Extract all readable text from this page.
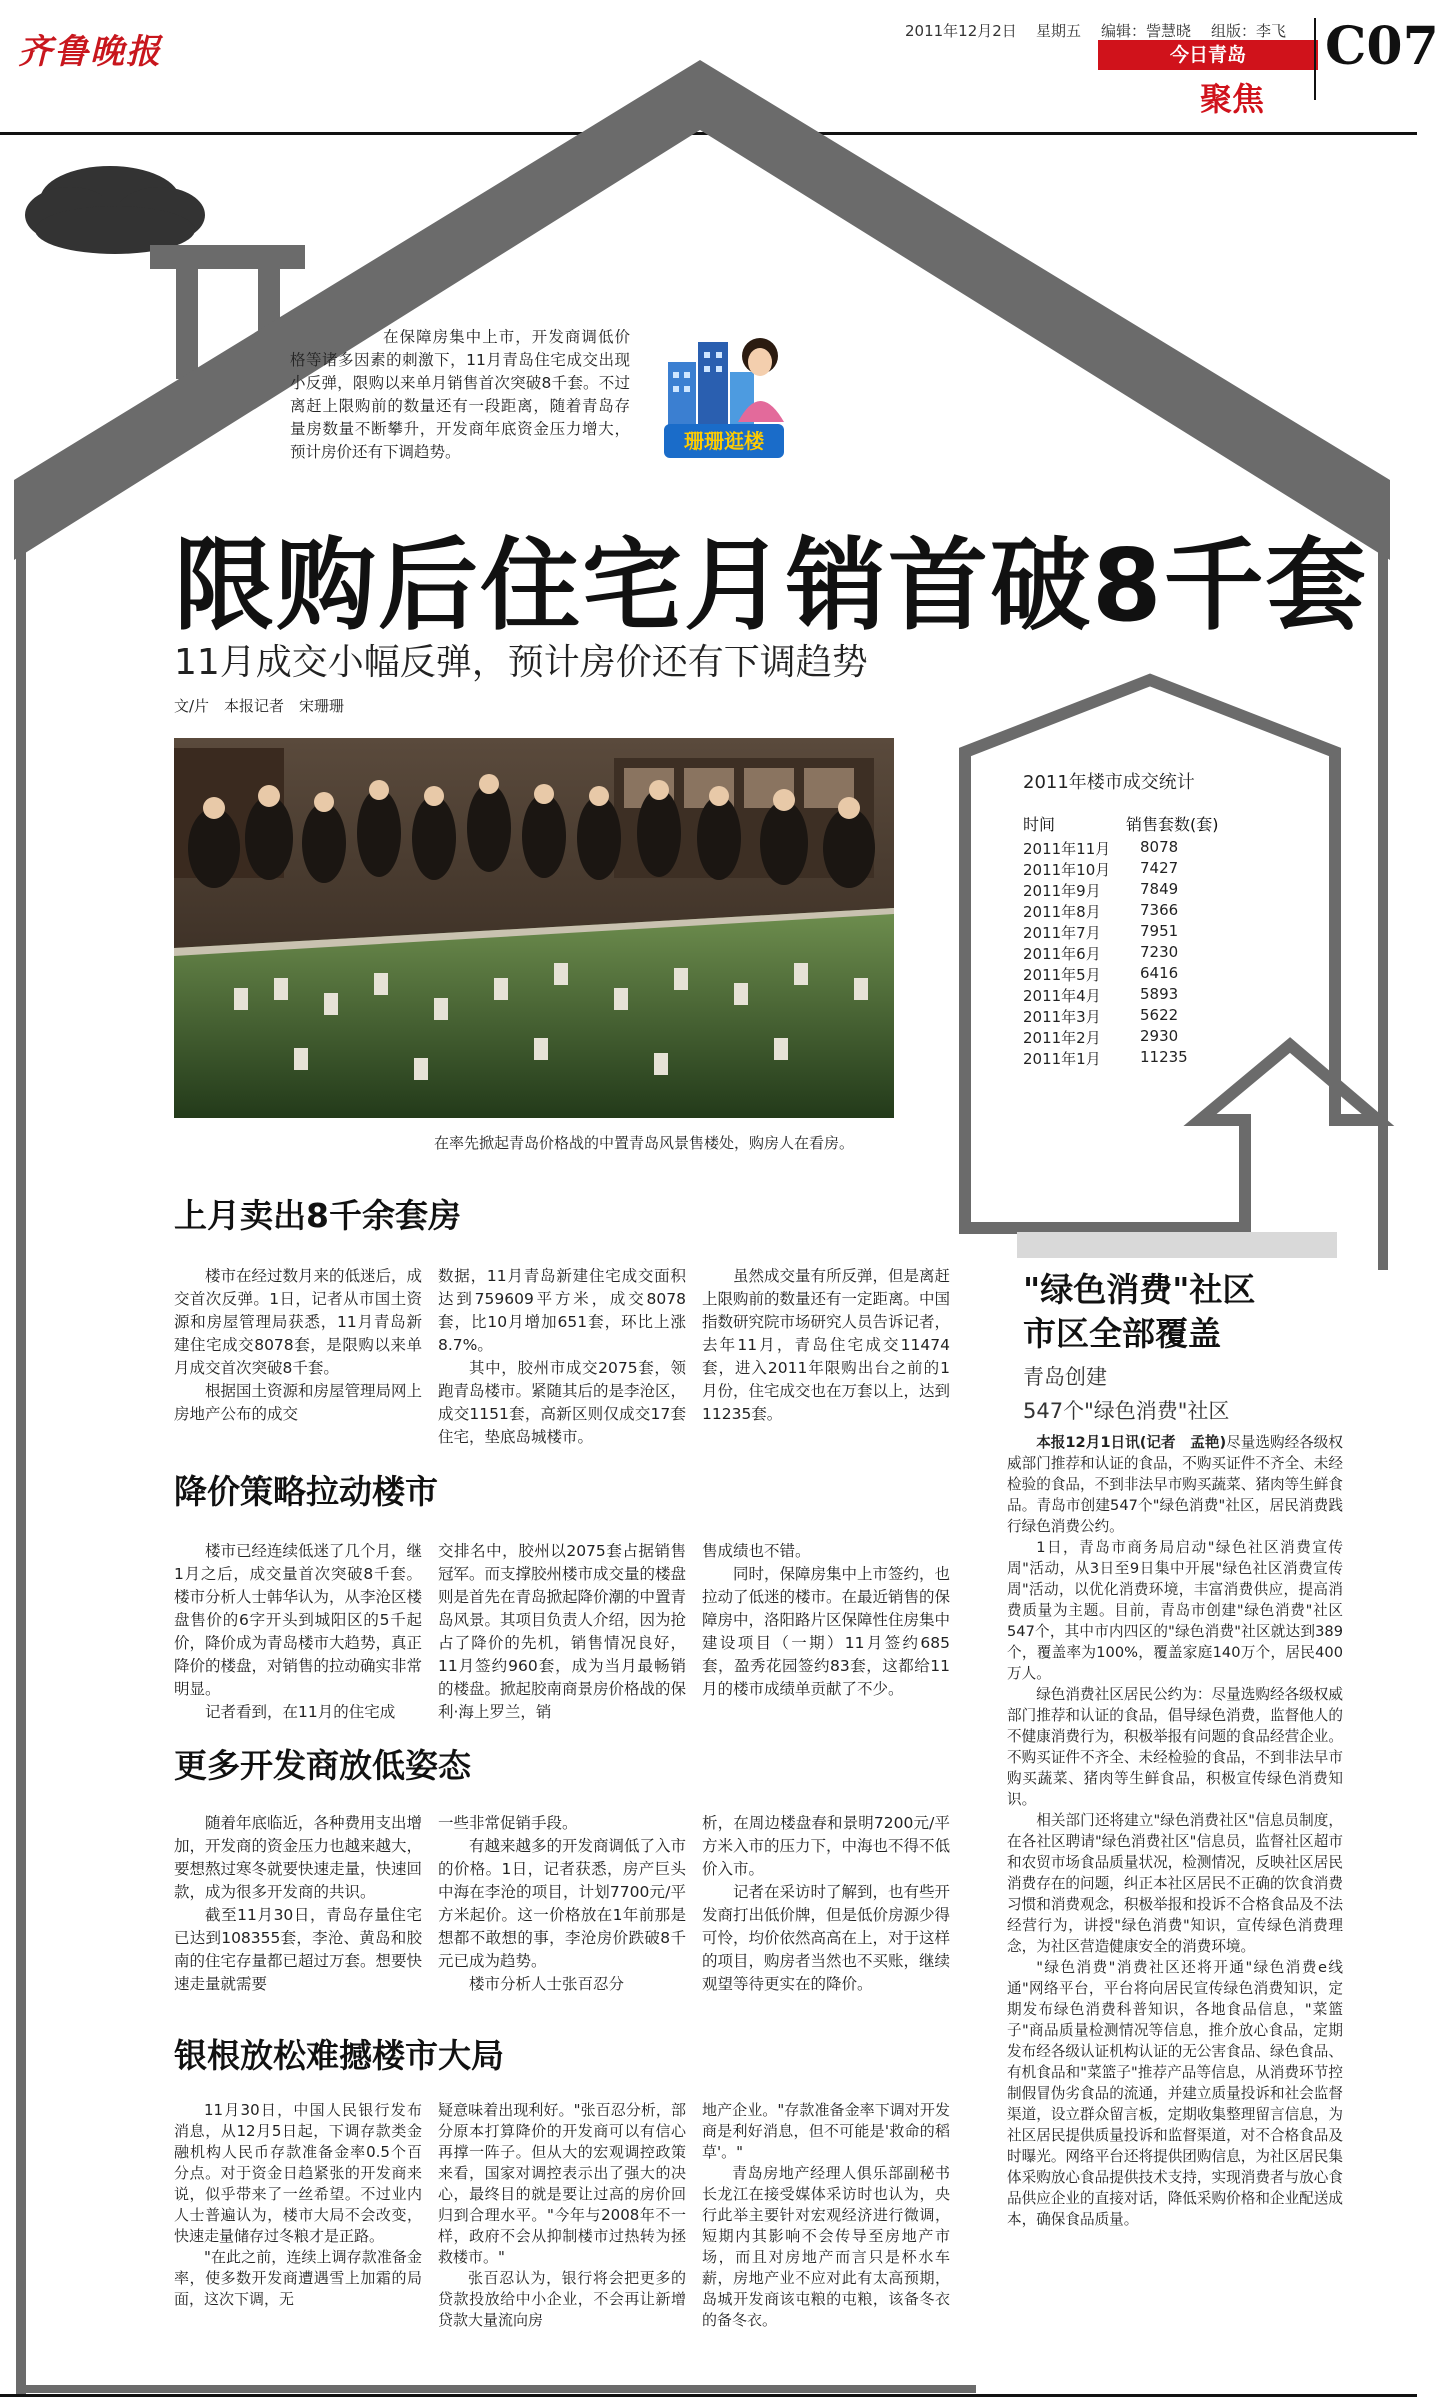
齐鲁晚报
2011年12月2日 星期五 编辑：訾慧晓 组版：李飞
今日青岛
聚焦
C07
在保障房集中上市，开发商调低价格等诸多因素的刺激下，11月青岛住宅成交出现小反弹，限购以来单月销售首次突破8千套。不过离赶上限购前的数量还有一段距离，随着青岛存量房数量不断攀升，开发商年底资金压力增大，预计房价还有下调趋势。	珊珊逛楼
限购后住宅月销首破8千套
11月成交小幅反弹，预计房价还有下调趋势
文/片　本报记者　宋珊珊
在率先掀起青岛价格战的中置青岛风景售楼处，购房人在看房。
2011年楼市成交统计
时间	销售套数(套)
2011年11月 8078
2011年10月 7427
2011年9月	7849
2011年8月	7366
2011年7月	7951
2011年6月	7230
2011年5月	6416
2011年4月	5893
2011年3月	5622
2011年2月	2930
2011年1月	11235
上月卖出8千余套房

楼市在经过数月来的低迷后，成交首次反弹。1日，记者从市国土资源和房屋管理局获悉，11月青岛新建住宅成交8078套，是限购以来单月成交首次突破8千套。

根据国土资源和房屋管理局网上房地产公布的成交

数据，11月青岛新建住宅成交面积达到759609平方米，成交8078套，比10月增加651套，环比上涨8.7%。

其中，胶州市成交2075套，领跑青岛楼市。紧随其后的是李沧区，成交1151套，高新区则仅成交17套住宅，垫底岛城楼市。

虽然成交量有所反弹，但是离赶上限购前的数量还有一定距离。中国指数研究院市场研究人员告诉记者，去年11月，青岛住宅成交11474套，进入2011年限购出台之前的1月份，住宅成交也在万套以上，达到11235套。

降价策略拉动楼市

楼市已经连续低迷了几个月，继1月之后，成交量首次突破8千套。楼市分析人士韩华认为，从李沧区楼盘售价的6字开头到城阳区的5千起价，降价成为青岛楼市大趋势，真正降价的楼盘，对销售的拉动确实非常明显。

记者看到，在11月的住宅成

交排名中，胶州以2075套占据销售冠军。而支撑胶州楼市成交量的楼盘则是首先在青岛掀起降价潮的中置青岛风景。其项目负责人介绍，因为抢占了降价的先机，销售情况良好，11月签约960套，成为当月最畅销的楼盘。掀起胶南商景房价格战的保利·海上罗兰，销

售成绩也不错。

同时，保障房集中上市签约，也拉动了低迷的楼市。在最近销售的保障房中，洛阳路片区保障性住房集中建设项目（一期）11月签约685套，盈秀花园签约83套，这都给11月的楼市成绩单贡献了不少。

更多开发商放低姿态

随着年底临近，各种费用支出增加，开发商的资金压力也越来越大，要想熬过寒冬就要快速走量，快速回款，成为很多开发商的共识。

截至11月30日，青岛存量住宅已达到108355套，李沧、黄岛和胶南的住宅存量都已超过万套。想要快速走量就需要

一些非常促销手段。

有越来越多的开发商调低了入市的价格。1日，记者获悉，房产巨头中海在李沧的项目，计划7700元/平方米起价。这一价格放在1年前那是想都不敢想的事，李沧房价跌破8千元已成为趋势。

楼市分析人士张百忍分

析，在周边楼盘春和景明7200元/平方米入市的压力下，中海也不得不低价入市。

记者在采访时了解到，也有些开发商打出低价牌，但是低价房源少得可怜，均价依然高高在上，对于这样的项目，购房者当然也不买账，继续观望等待更实在的降价。

银根放松难撼楼市大局

11月30日，中国人民银行发布消息，从12月5日起，下调存款类金融机构人民币存款准备金率0.5个百分点。对于资金日趋紧张的开发商来说，似乎带来了一丝希望。不过业内人士普遍认为，楼市大局不会改变，快速走量储存过冬粮才是正路。

"在此之前，连续上调存款准备金率，使多数开发商遭遇雪上加霜的局面，这次下调，无

疑意味着出现利好。"张百忍分析，部分原本打算降价的开发商可以有信心再撑一阵子。但从大的宏观调控政策来看，国家对调控表示出了强大的决心，最终目的就是要让过高的房价回归到合理水平。"今年与2008年不一样，政府不会从抑制楼市过热转为拯救楼市。"

张百忍认为，银行将会把更多的贷款投放给中小企业，不会再让新增贷款大量流向房

地产企业。"存款准备金率下调对开发商是利好消息，但不可能是'救命的稻草'。"

青岛房地产经理人俱乐部副秘书长龙江在接受媒体采访时也认为，央行此举主要针对宏观经济进行微调，短期内其影响不会传导至房地产市场，而且对房地产而言只是杯水车薪，房地产业不应对此有太高预期，岛城开发商该屯粮的屯粮，该备冬衣的备冬衣。

"绿色消费"社区
市区全部覆盖
青岛创建
547个"绿色消费"社区

本报12月1日讯(记者　孟艳)尽量选购经各级权威部门推荐和认证的食品，不购买证件不齐全、未经检验的食品，不到非法早市购买蔬菜、猪肉等生鲜食品。青岛市创建547个"绿色消费"社区，居民消费践行绿色消费公约。

1日，青岛市商务局启动"绿色社区消费宣传周"活动，从3日至9日集中开展"绿色社区消费宣传周"活动，以优化消费环境，丰富消费供应，提高消费质量为主题。目前，青岛市创建"绿色消费"社区547个，其中市内四区的"绿色消费"社区就达到389个，覆盖率为100%，覆盖家庭140万个，居民400万人。

绿色消费社区居民公约为：尽量选购经各级权威部门推荐和认证的食品，倡导绿色消费，监督他人的不健康消费行为，积极举报有问题的食品经营企业。不购买证件不齐全、未经检验的食品，不到非法早市购买蔬菜、猪肉等生鲜食品，积极宣传绿色消费知识。

相关部门还将建立"绿色消费社区"信息员制度，在各社区聘请"绿色消费社区"信息员，监督社区超市和农贸市场食品质量状况，检测情况，反映社区居民消费存在的问题，纠正本社区居民不正确的饮食消费习惯和消费观念，积极举报和投诉不合格食品及不法经营行为，讲授"绿色消费"知识，宣传绿色消费理念，为社区营造健康安全的消费环境。

"绿色消费"消费社区还将开通"绿色消费e线通"网络平台，平台将向居民宣传绿色消费知识，定期发布绿色消费科普知识，各地食品信息，"菜篮子"商品质量检测情况等信息，推介放心食品，定期发布经各级认证机构认证的无公害食品、绿色食品、有机食品和"菜篮子"推荐产品等信息，从消费环节控制假冒伪劣食品的流通，并建立质量投诉和社会监督渠道，设立群众留言板，定期收集整理留言信息，为社区居民提供质量投诉和监督渠道，对不合格食品及时曝光。网络平台还将提供团购信息，为社区居民集体采购放心食品提供技术支持，实现消费者与放心食品供应企业的直接对话，降低采购价格和企业配送成本，确保食品质量。
